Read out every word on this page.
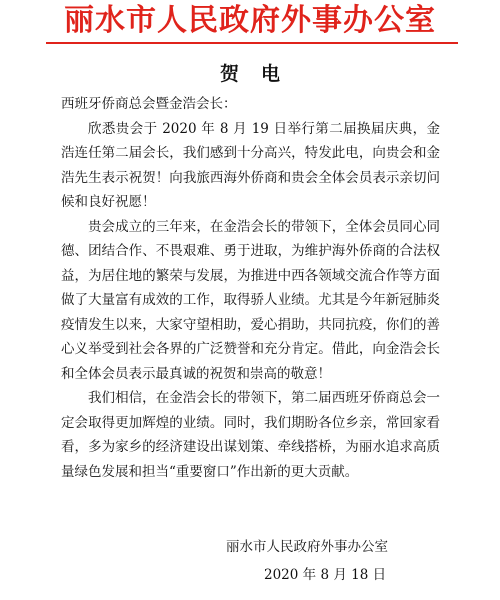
丽水市人民政府外事办公室
贺电

西班牙侨商总会暨金浩会长：

欣悉贵会于 2020 年 8 月 19 日举行第二届换届庆典，金浩连任第二届会长，我们感到十分高兴，特发此电，向贵会和金浩先生表示祝贺！向我旅西海外侨商和贵会全体会员表示亲切问候和良好祝愿！

贵会成立的三年来，在金浩会长的带领下，全体会员同心同德、团结合作、不畏艰难、勇于进取，为维护海外侨商的合法权益，为居住地的繁荣与发展，为推进中西各领域交流合作等方面做了大量富有成效的工作，取得骄人业绩。尤其是今年新冠肺炎疫情发生以来，大家守望相助，爱心捐助，共同抗疫，你们的善心义举受到社会各界的广泛赞誉和充分肯定。借此，向金浩会长和全体会员表示最真诚的祝贺和崇高的敬意！

我们相信，在金浩会长的带领下，第二届西班牙侨商总会一定会取得更加辉煌的业绩。同时，我们期盼各位乡亲，常回家看看，多为家乡的经济建设出谋划策、牵线搭桥，为丽水追求高质量绿色发展和担当“重要窗口”作出新的更大贡献。

丽水市人民政府外事办公室
2020 年 8 月 18 日
